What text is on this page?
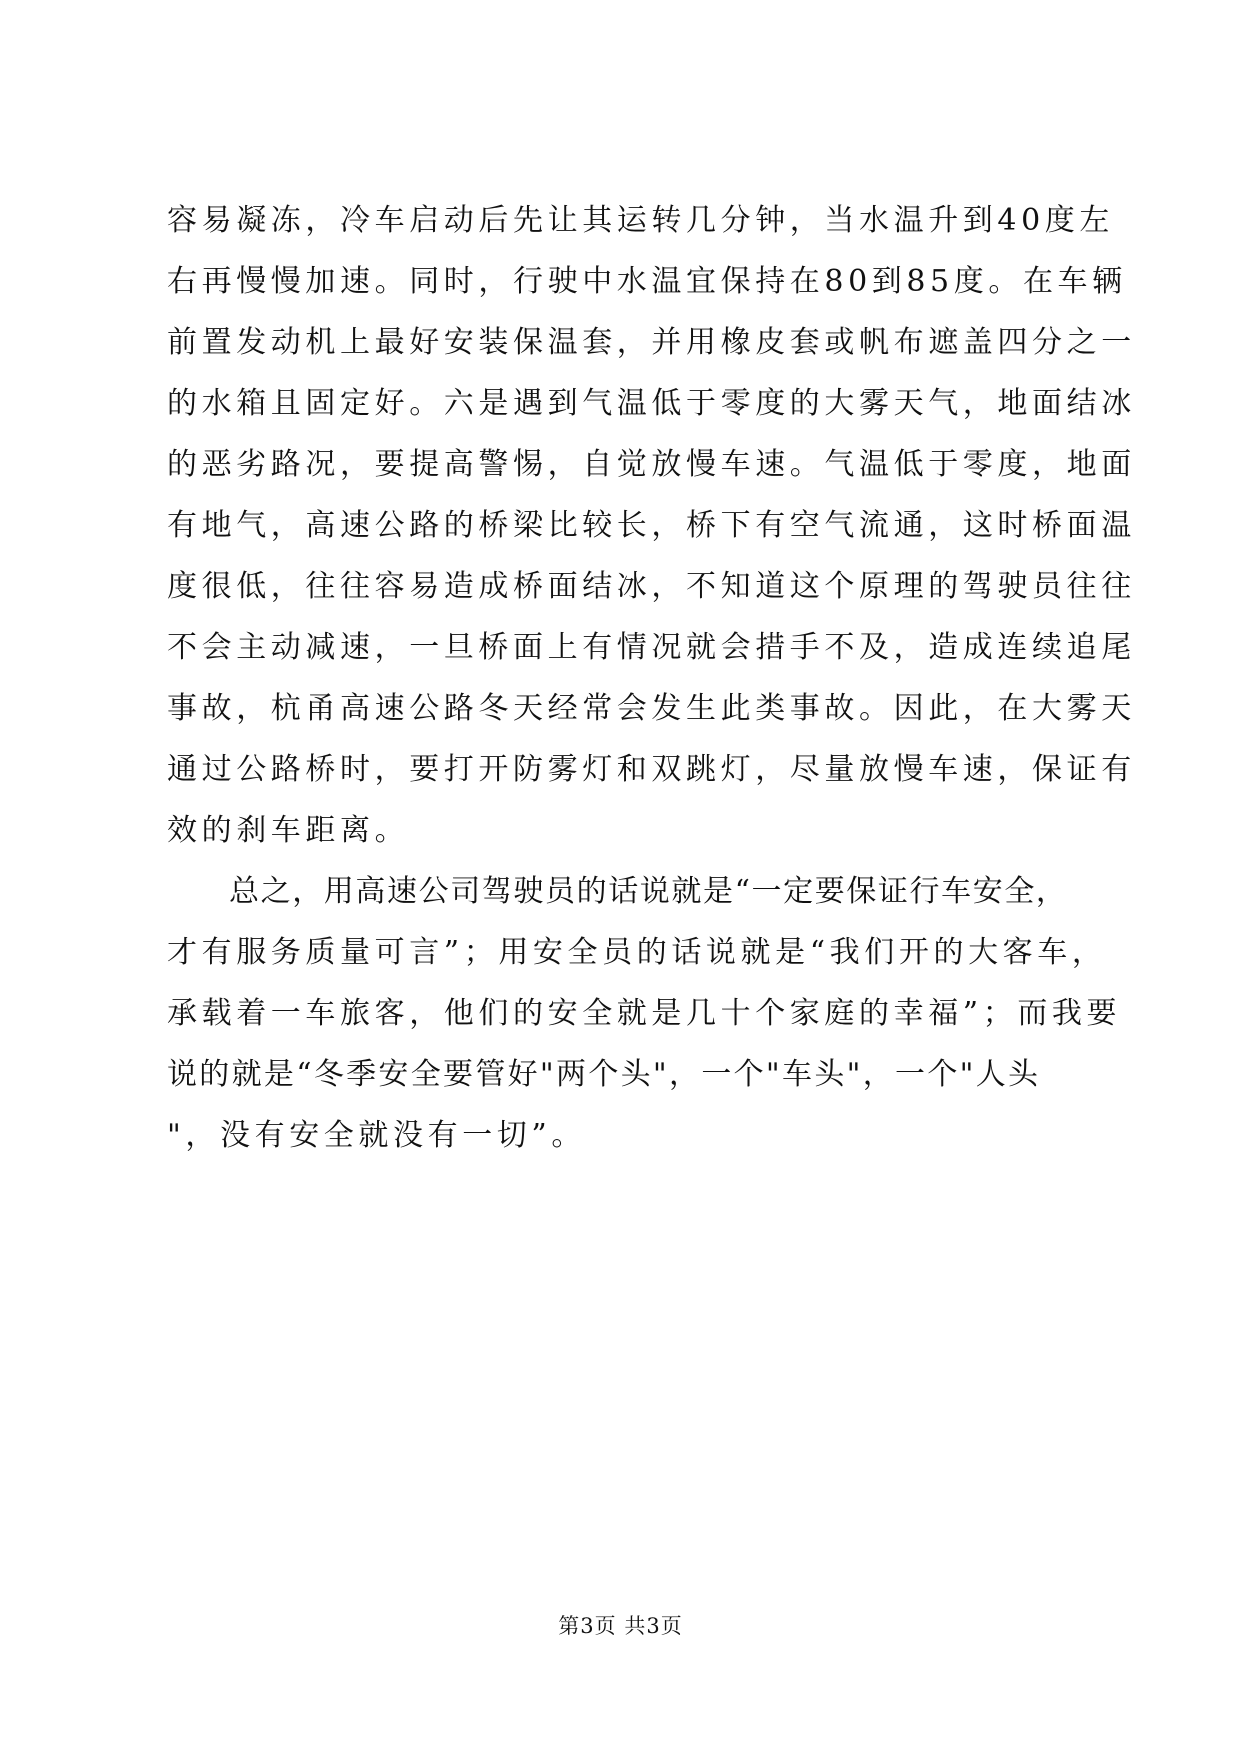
容易凝冻，冷车启动后先让其运转几分钟，当水温升到40度左
右再慢慢加速。同时，行驶中水温宜保持在80到85度。在车辆
前置发动机上最好安装保温套，并用橡皮套或帆布遮盖四分之一
的水箱且固定好。六是遇到气温低于零度的大雾天气，地面结冰
的恶劣路况，要提高警惕，自觉放慢车速。气温低于零度，地面
有地气，高速公路的桥梁比较长，桥下有空气流通，这时桥面温
度很低，往往容易造成桥面结冰，不知道这个原理的驾驶员往往
不会主动减速，一旦桥面上有情况就会措手不及，造成连续追尾
事故，杭甬高速公路冬天经常会发生此类事故。因此，在大雾天
通过公路桥时，要打开防雾灯和双跳灯，尽量放慢车速，保证有
效的刹车距离。
总之，用高速公司驾驶员的话说就是“一定要保证行车安全，
才有服务质量可言”；用安全员的话说就是“我们开的大客车，
承载着一车旅客，他们的安全就是几十个家庭的幸福”；而我要
说的就是“冬季安全要管好"两个头"，一个"车头"，一个"人头
"，没有安全就没有一切”。
第3页 共3页
